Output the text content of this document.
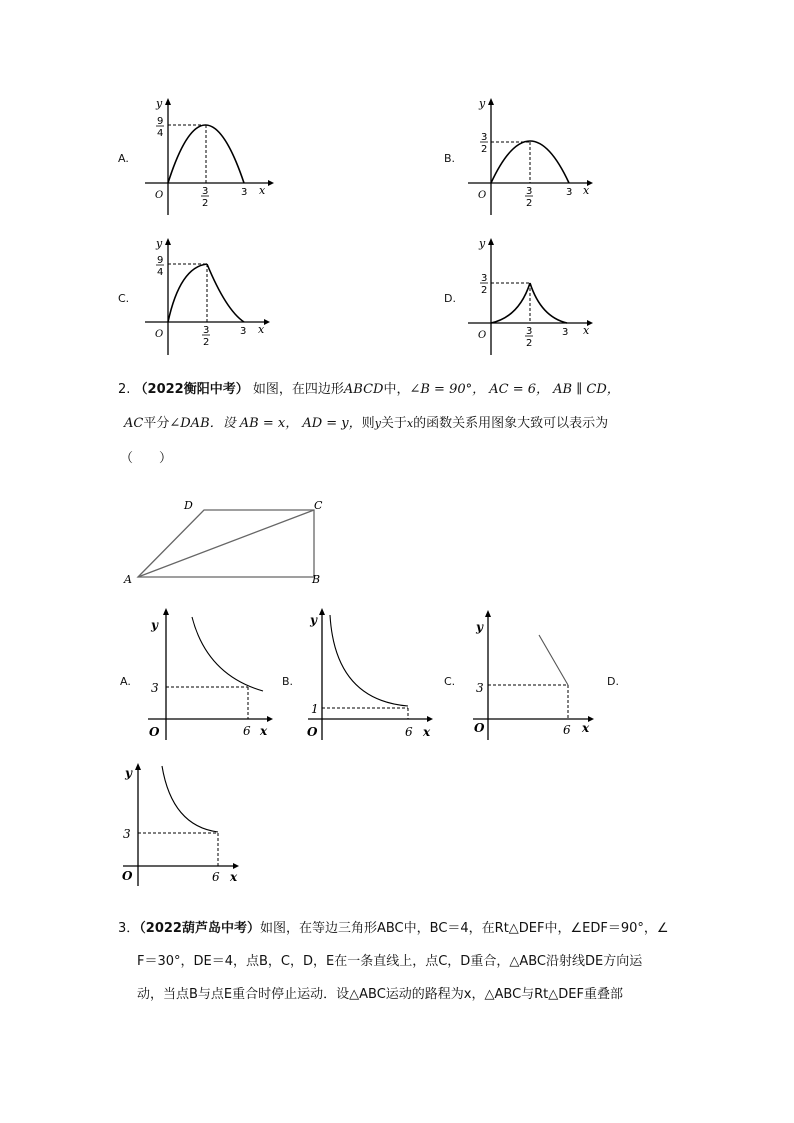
A.
y
x
O
9
4
3
2
3
B.
y
x
O
3
2
3
2
3
C.
y
x
O
9
4
3
2
3
D.
y
x
O
3
2
3
2
3
2. （2022衡阳中考） 如图，在四边形ABCD中，∠B = 90°， AC = 6， AB ∥ CD，
AC平分∠DAB．设 AB = x， AD = y，则y关于x的函数关系用图象大致可以表示为
（　　）
A	B
C
D
A.
y
x
O
3
6
B.
y
x
O
1
6
C.
y
x
O
3
6
D.
y
x
O
3
6
3．（2022葫芦岛中考）如图，在等边三角形ABC中，BC＝4，在Rt△DEF中，∠EDF＝90°，∠
F＝30°，DE＝4，点B，C，D，E在一条直线上，点C，D重合，△ABC沿射线DE方向运
动，当点B与点E重合时停止运动．设△ABC运动的路程为x，△ABC与Rt△DEF重叠部
